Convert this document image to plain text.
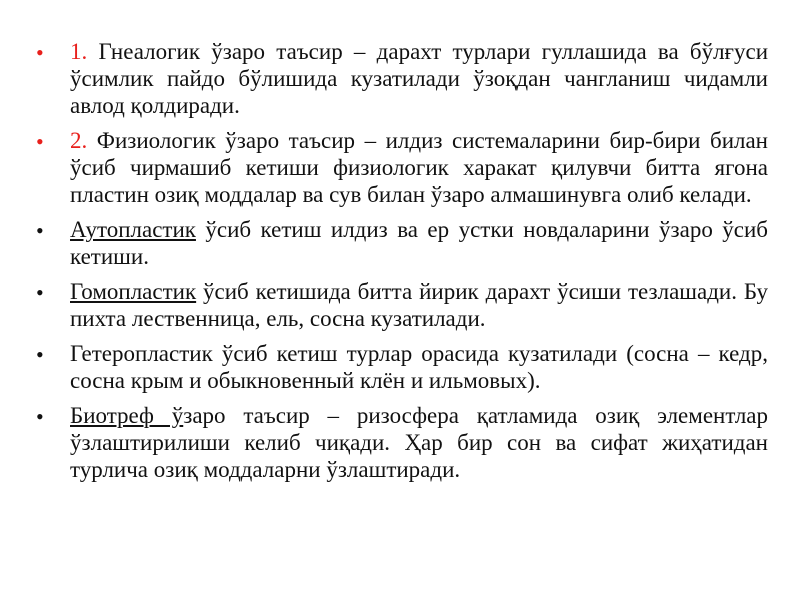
• 1. Гнеалогик ўзаро таъсир – дарахт турлари гуллашида ва бўлғуси ўсимлик пайдо бўлишида кузатилади ўзоқдан чангланиш чидамли авлод қолдиради.
• 2. Физиологик ўзаро таъсир – илдиз системаларини бир-бири билан ўсиб чирмашиб кетиши физиологик харакат қилувчи битта ягона пластин озиқ моддалар ва сув билан ўзаро алмашинувга олиб келади.
• Аутопластик ўсиб кетиш илдиз ва ер устки новдаларини ўзаро ўсиб кетиши.
• Гомопластик ўсиб кетишида битта йирик дарахт ўсиши тезлашади. Бу пихта лественница, ель, сосна кузатилади.
• Гетеропластик ўсиб кетиш турлар орасида кузатилади (сосна – кедр, сосна крым и обыкновенный клён и ильмовых).
• Биотреф ўзаро таъсир – ризосфера қатламида озиқ элементлар ўзлаштирилиши келиб чиқади. Ҳар бир сон ва сифат жиҳатидан турлича озиқ моддаларни ўзлаштиради.
